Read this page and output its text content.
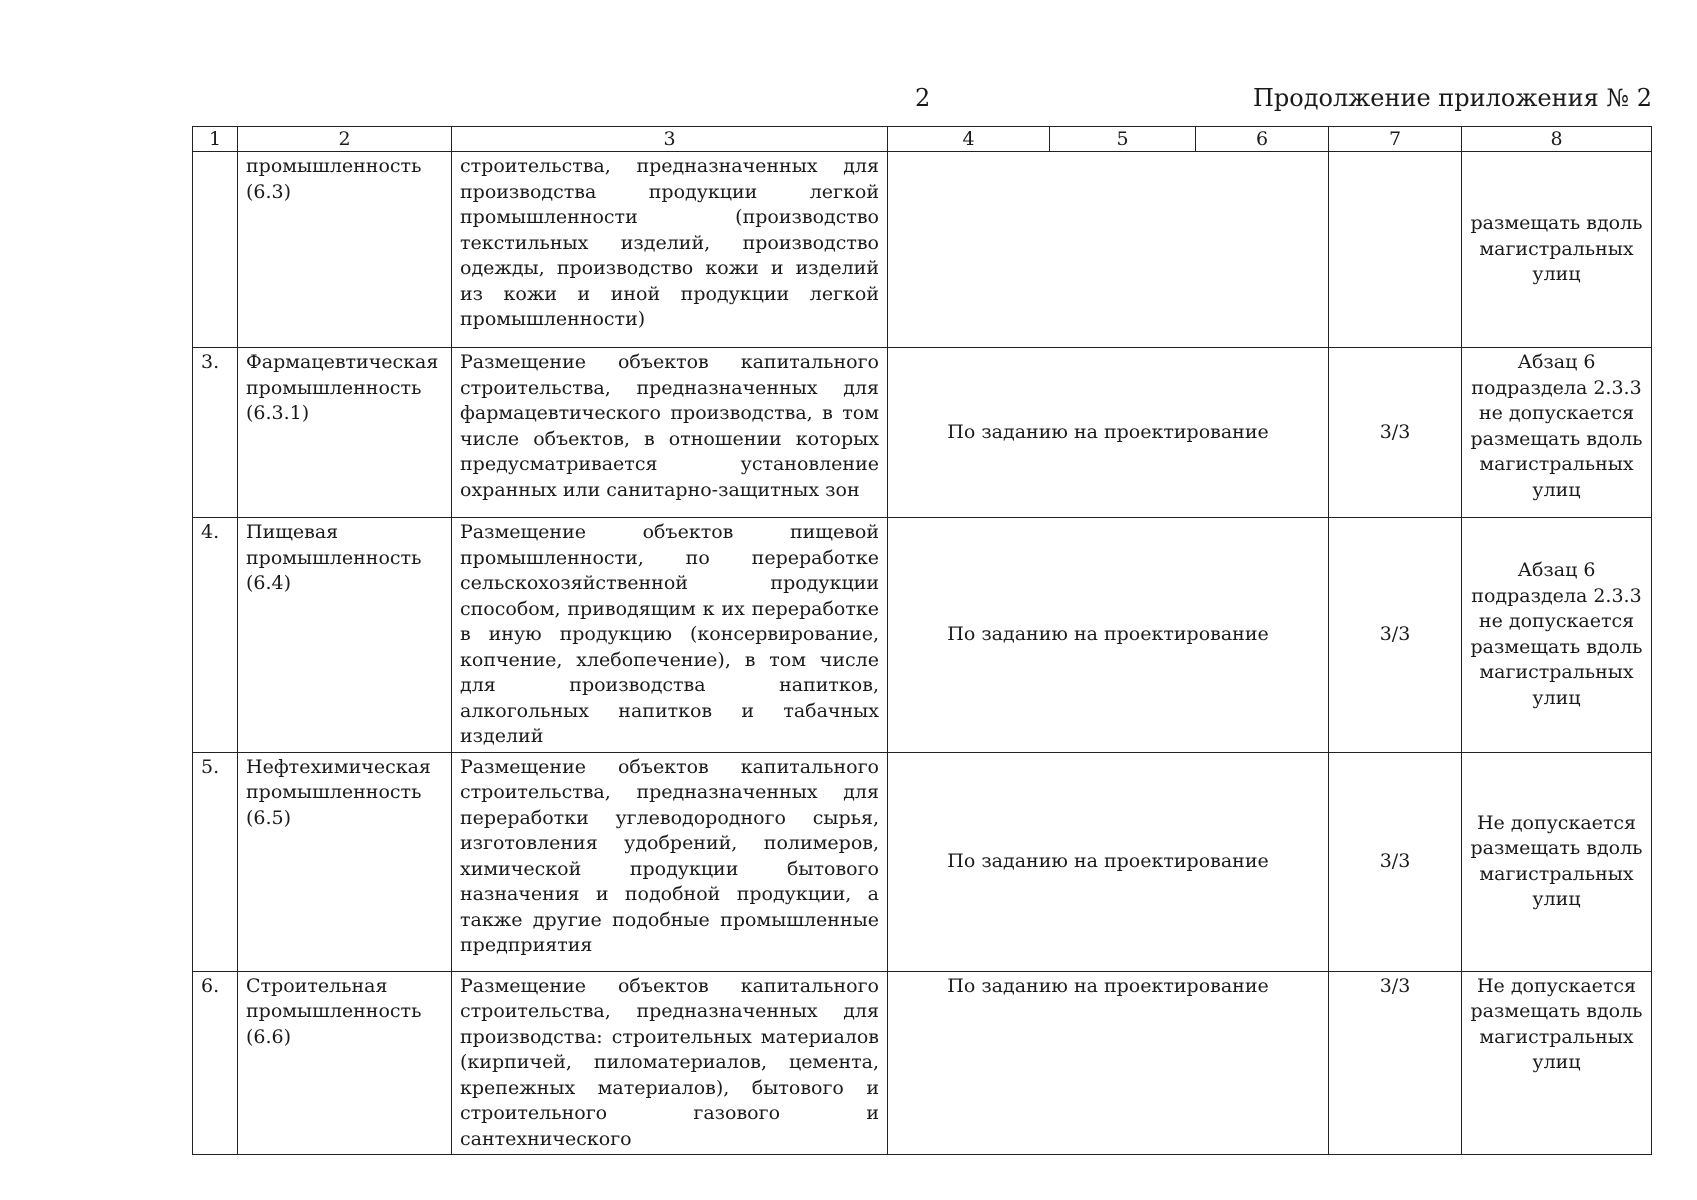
2	Продолжение приложения № 2
1	2	3	4	5	6	7	8
	промышленность (6.3)	строительства, предназначенных для производства продукции легкой промышленности (производство текстильных изделий, производство одежды, производство кожи и изделий из кожи и иной продукции легкой промышленности)					размещать вдоль магистральных улиц
3.	Фармацевтическая промышленность (6.3.1)	Размещение объектов капитального строительства, предназначенных для фармацевтического производства, в том числе объектов, в отношении которых предусматривается установление охранных или санитарно-защитных зон	По заданию на проектирование			3/3	Абзац 6 подраздела 2.3.3 не допускается размещать вдоль магистральных улиц
4.	Пищевая промышленность (6.4)	Размещение объектов пищевой промышленности, по переработке сельскохозяйственной продукции способом, приводящим к их переработке в иную продукцию (консервирование, копчение, хлебопечение), в том числе для производства напитков, алкогольных напитков и табачных изделий	По заданию на проектирование			3/3	Абзац 6 подраздела 2.3.3 не допускается размещать вдоль магистральных улиц
5.	Нефтехимическая промышленность (6.5)	Размещение объектов капитального строительства, предназначенных для переработки углеводородного сырья, изготовления удобрений, полимеров, химической продукции бытового назначения и подобной продукции, а также другие подобные промышленные предприятия	По заданию на проектирование			3/3	Не допускается размещать вдоль магистральных улиц
6.	Строительная промышленность (6.6)	Размещение объектов капитального строительства, предназначенных для производства: строительных материалов (кирпичей, пиломатериалов, цемента, крепежных материалов), бытового и строительного газового и сантехнического	По заданию на проектирование			3/3	Не допускается размещать вдоль магистральных улиц
